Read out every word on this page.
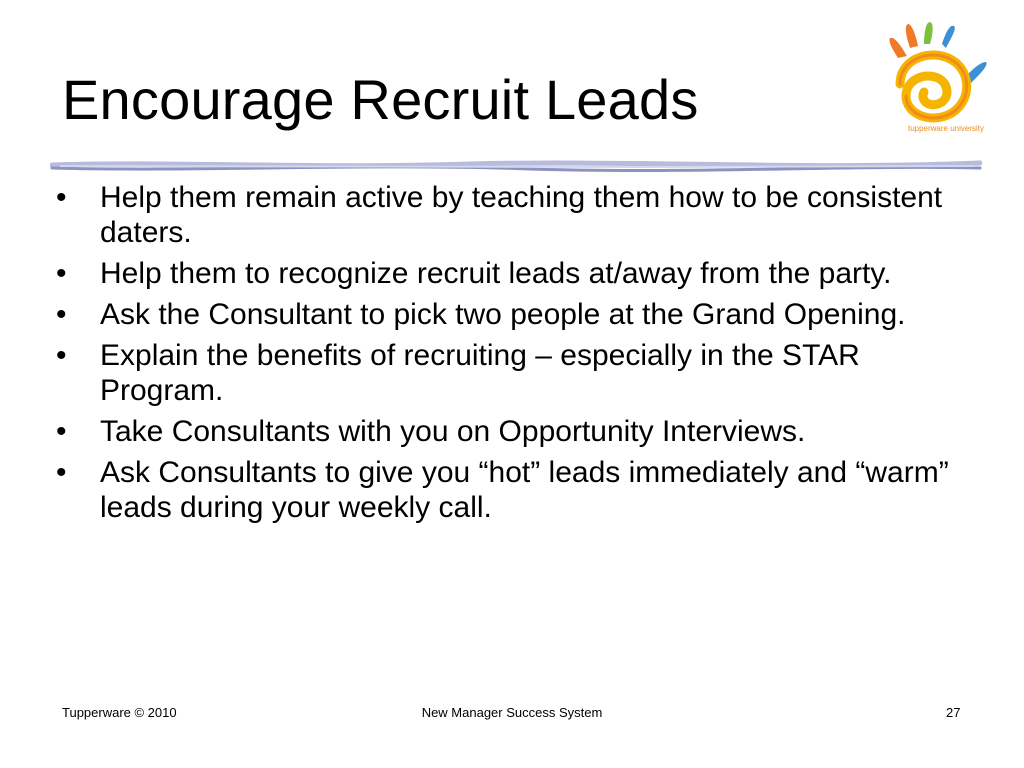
Encourage Recruit Leads	tupperware university
•	Help them remain active by teaching them how to be consistent daters.
•	Help them to recognize recruit leads at/away from the party.
•	Ask the Consultant to pick two people at the Grand Opening.
•	Explain the benefits of recruiting – especially in the STAR Program.
•	Take Consultants with you on Opportunity Interviews.
•	Ask Consultants to give you “hot” leads immediately and “warm” leads during your weekly call.
Tupperware © 2010	New Manager Success System	27
